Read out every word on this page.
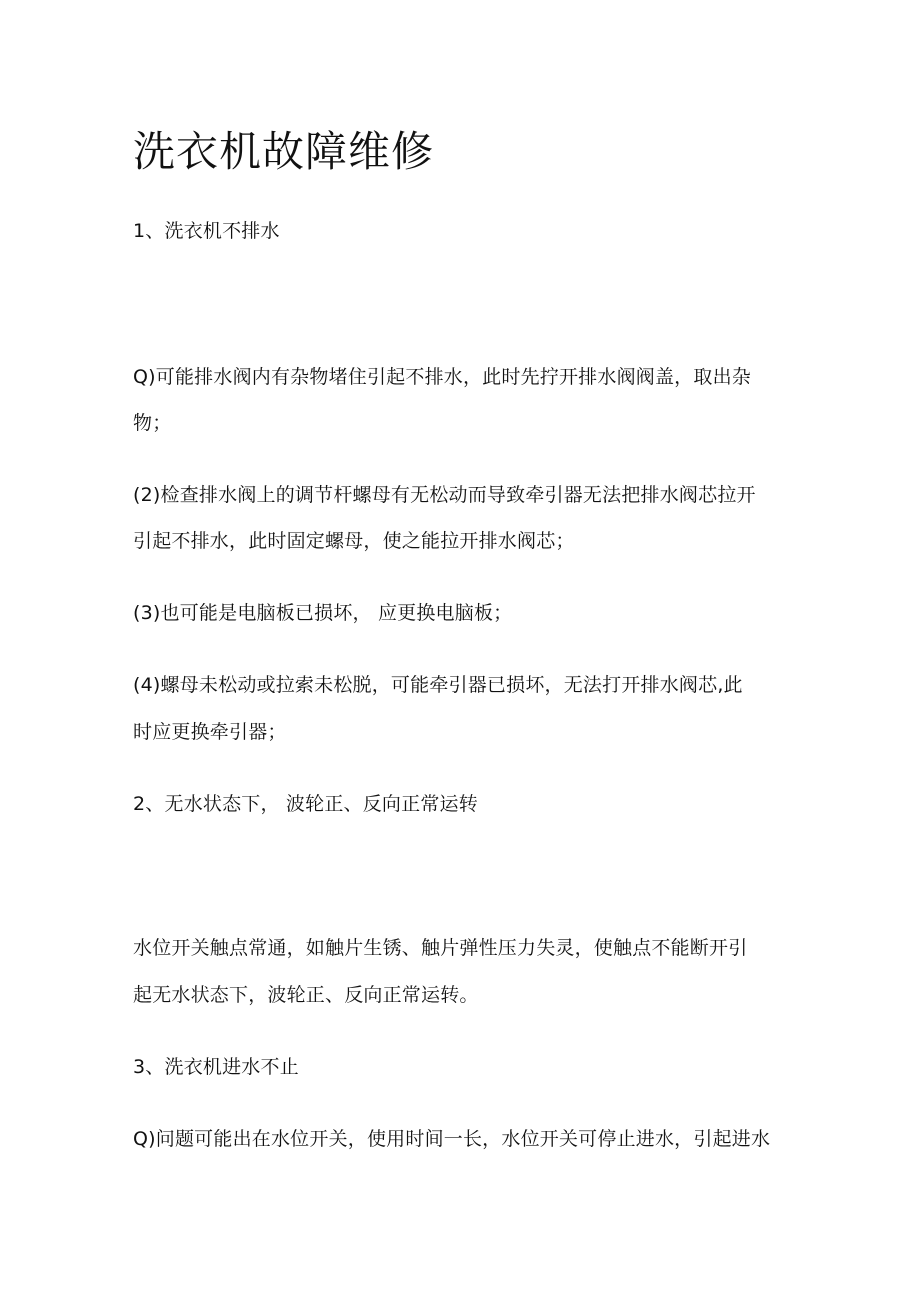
洗衣机故障维修
1、洗衣机不排水
Q)可能排水阀内有杂物堵住引起不排水，此时先拧开排水阀阀盖，取出杂
物；
(2)检查排水阀上的调节杆螺母有无松动而导致牵引器无法把排水阀芯拉开
引起不排水，此时固定螺母，使之能拉开排水阀芯；
(3)也可能是电脑板已损坏， 应更换电脑板；
(4)螺母未松动或拉索未松脱，可能牵引器已损坏，无法打开排水阀芯,此
时应更换牵引器；
2、无水状态下， 波轮正、反向正常运转
水位开关触点常通，如触片生锈、触片弹性压力失灵，使触点不能断开引
起无水状态下，波轮正、反向正常运转。
3、洗衣机进水不止
Q)问题可能出在水位开关，使用时间一长，水位开关可停止进水，引起进水
